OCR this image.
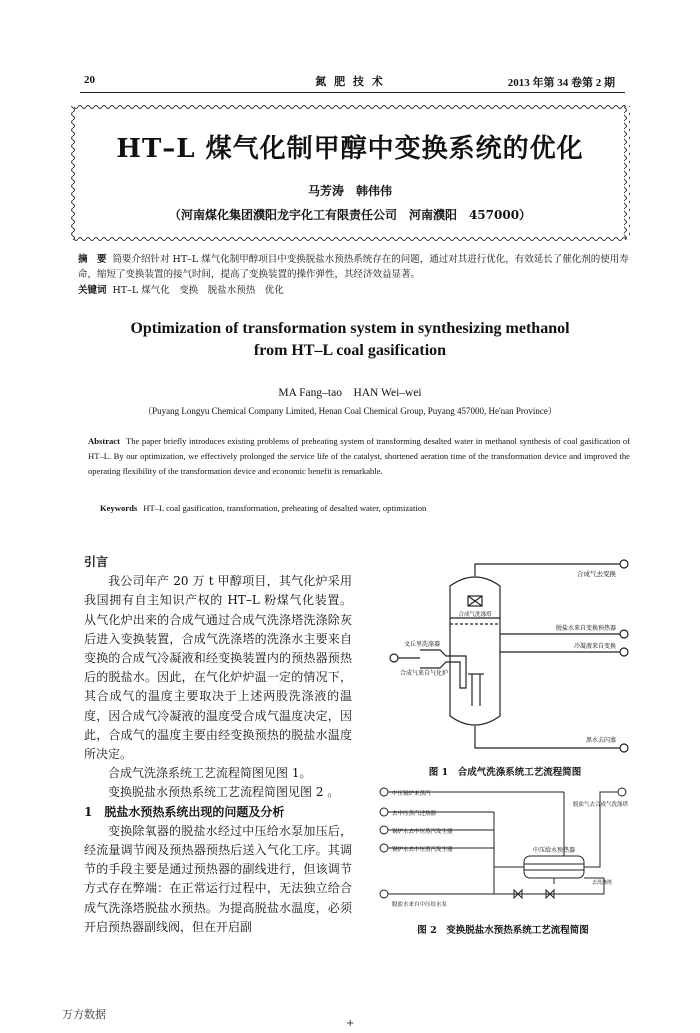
20	氮 肥 技 术	2013 年第 34 卷第 2 期
HT–L 煤气化制甲醇中变换系统的优化
马芳涛　韩伟伟
（河南煤化集团濮阳龙宇化工有限责任公司　河南濮阳　457000）
摘　要 简要介绍针对 HT–L 煤气化制甲醇项目中变换脱盐水预热系统存在的问题，通过对其进行优化，有效延长了催化剂的使用寿命，缩短了变换装置的接气时间，提高了变换装置的操作弹性，其经济效益显著。
关键词 HT–L 煤气化　变换　脱盐水预热　优化
Optimization of transformation system in synthesizing methanol
from HT–L coal gasification
MA Fang–tao　HAN Wei–wei
（Puyang Longyu Chemical Company Limited, Henan Coal Chemical Group, Puyang 457000, He'nan Province）
Abstract The paper briefly introduces existing problems of preheating system of transforming desalted water in methanol synthesis of coal gasification of HT–L. By our optimization, we effectively prolonged the service life of the catalyst, shortened aeration time of the transformation device and improved the operating flexibility of the transformation device and economic benefit is remarkable.
Keywords HT–L coal gasification, transformation, preheating of desalted water, optimization

引言

我公司年产 20 万 t 甲醇项目，其气化炉采用我国拥有自主知识产权的 HT–L 粉煤气化装置。从气化炉出来的合成气通过合成气洗涤塔洗涤除灰后进入变换装置，合成气洗涤塔的洗涤水主要来自变换的合成气冷凝液和经变换装置内的预热器预热后的脱盐水。因此，在气化炉炉温一定的情况下，其合成气的温度主要取决于上述两股洗涤液的温度，因合成气冷凝液的温度受合成气温度决定，因此，合成气的温度主要由经变换预热的脱盐水温度所决定。

合成气洗涤系统工艺流程简图见图 1。

变换脱盐水预热系统工艺流程简图见图 2 。

1　脱盐水预热系统出现的问题及分析

变换除氧器的脱盐水经过中压给水泵加压后，经流量调节阀及预热器预热后送入气化工序。其调节的手段主要是通过预热器的副线进行，但该调节方式存在弊端：在正常运行过程中，无法独立给合成气洗涤塔脱盐水预热。为提高脱盐水温度，必须开启预热器副线阀，但在开启副

合成气去变换
合成气洗涤塔
脱盐水来自变换预热器
冷凝液来自变换
文丘里洗涤器
合成气来自气化炉
黑水去闪蒸
图 1　合成气洗涤系统工艺流程简图
中压锅炉来蒸汽
脱盐气去合成气洗涤塔
去中压蒸汽过热器
锅炉水去中压蒸汽发生器
锅炉水去中压蒸汽发生器	中压给水预热器
脱盐水来自中压给水泵
去洗涤塔
图 2　变换脱盐水预热系统工艺流程简图
万方数据
+
